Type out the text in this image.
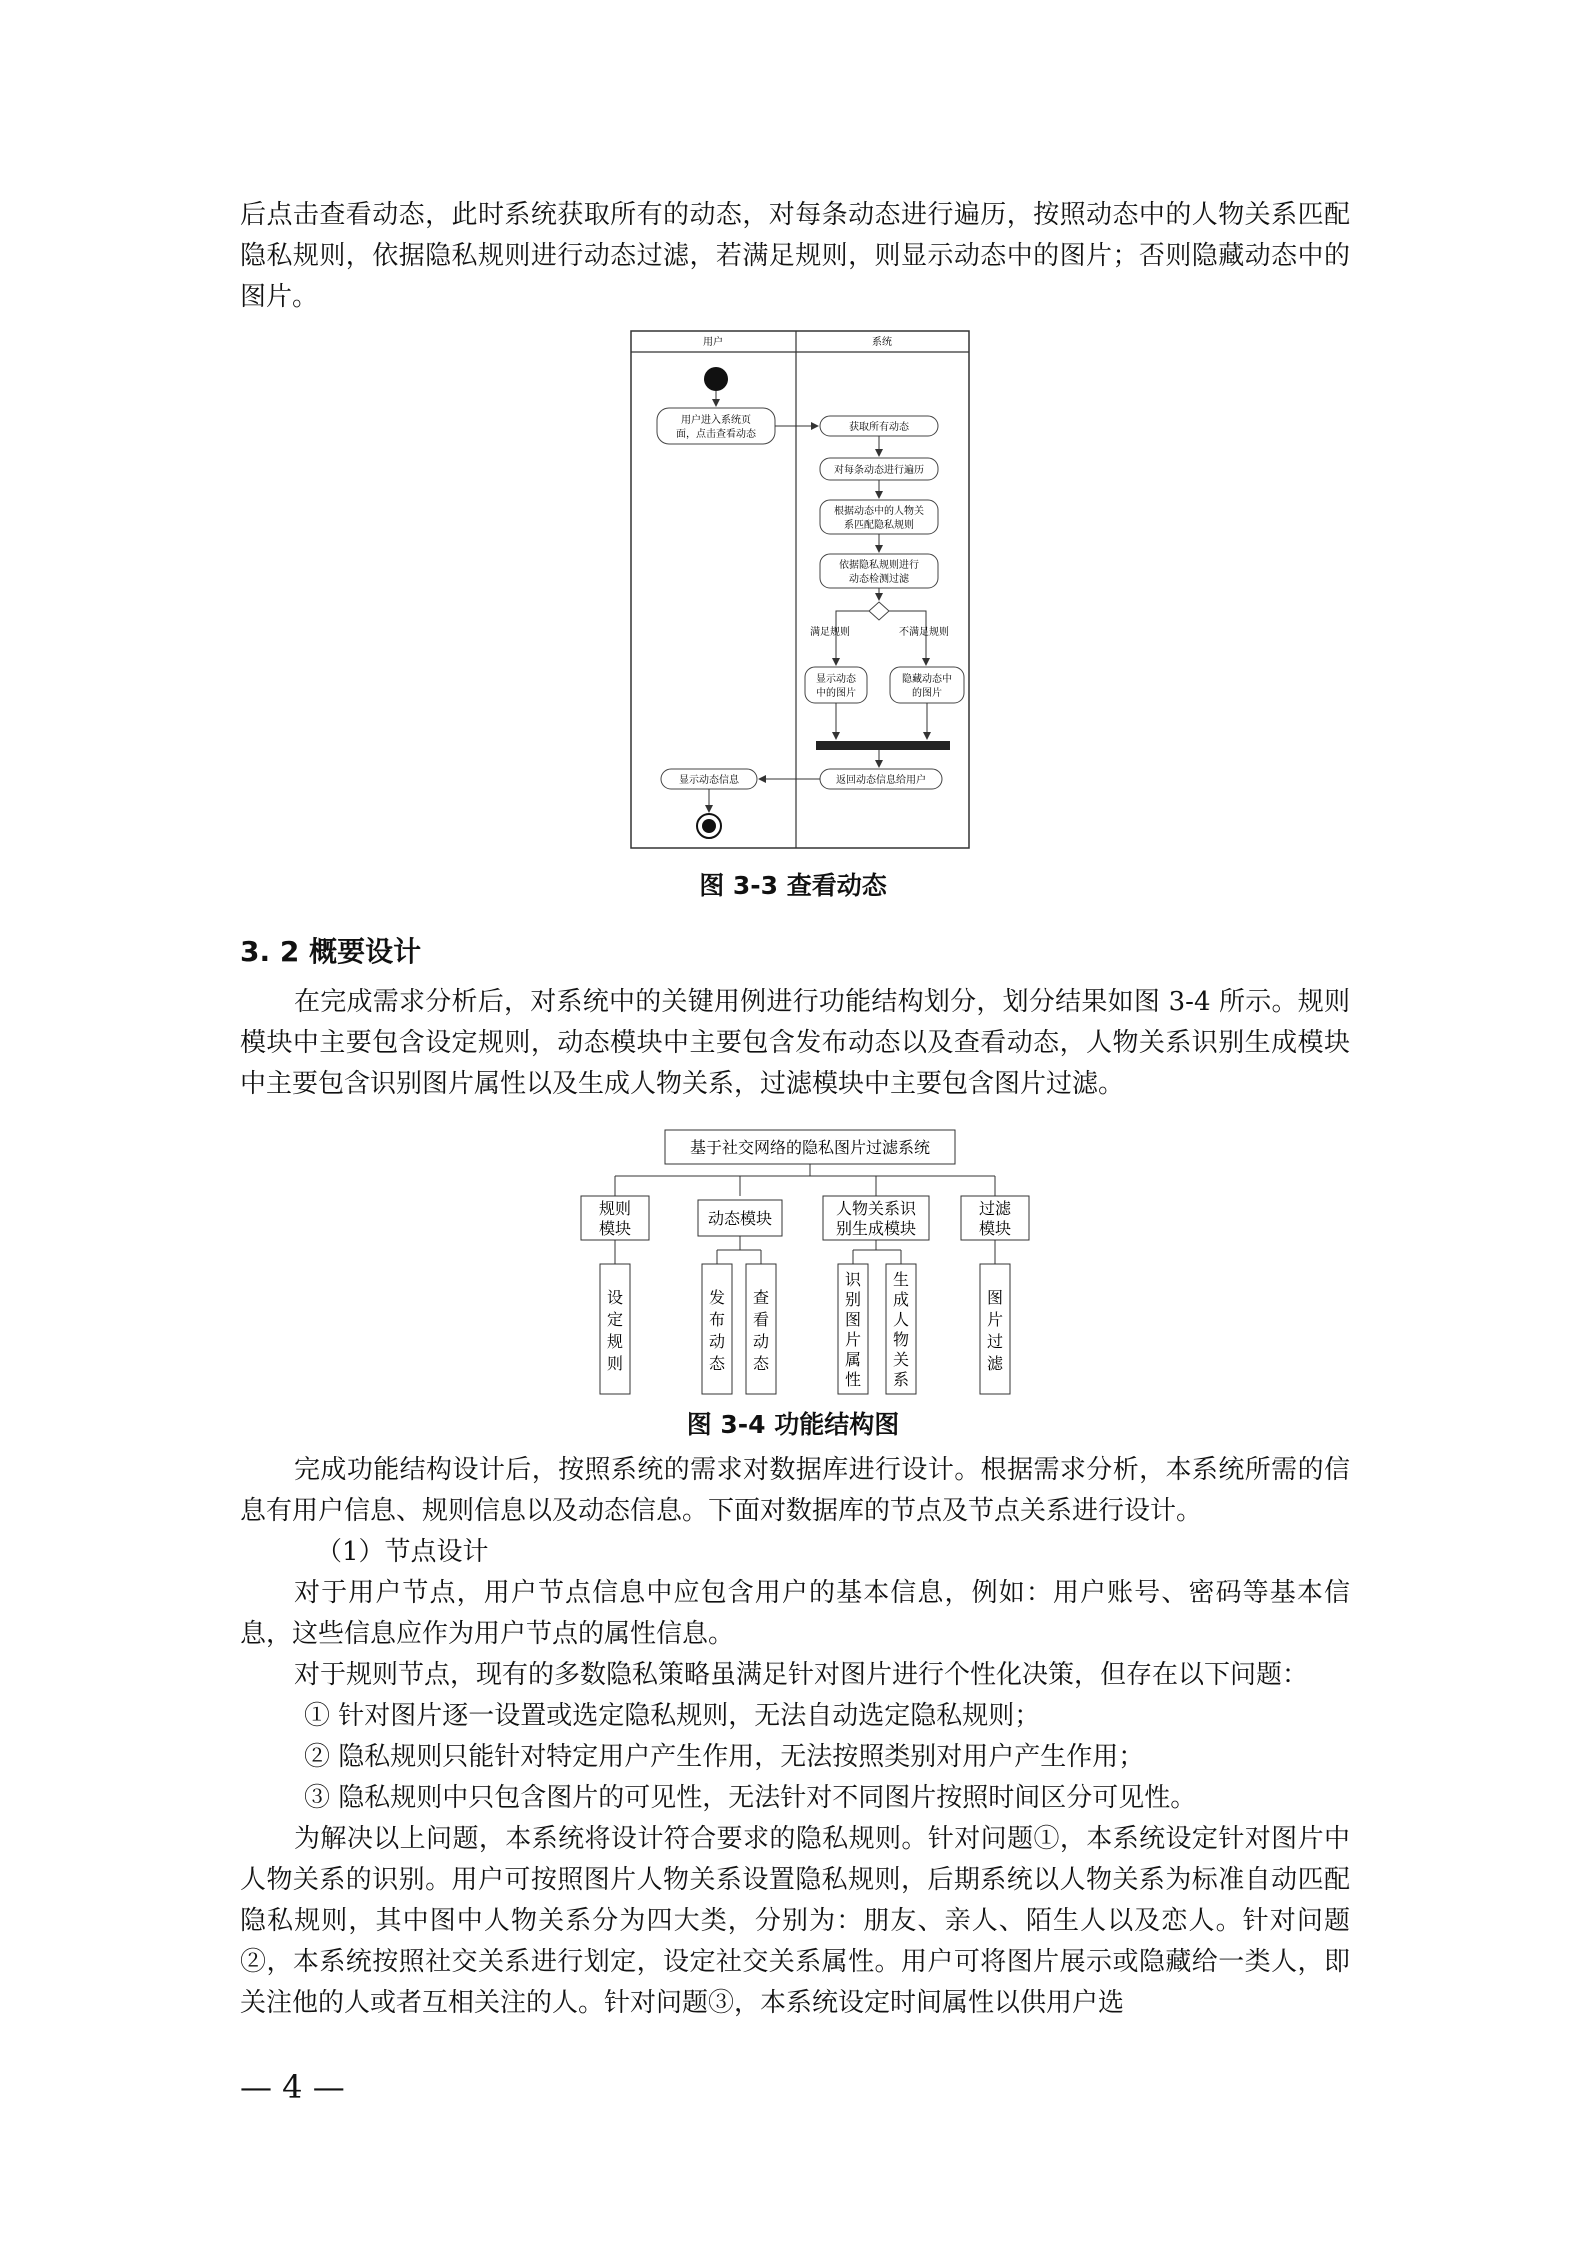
后点击查看动态，此时系统获取所有的动态，对每条动态进行遍历，按照动态中的人物关系匹配隐私规则，依据隐私规则进行动态过滤，若满足规则，则显示动态中的图片；否则隐藏动态中的图片。

用户	系统
用户进入系统页
面，点击查看动态
获取所有动态
对每条动态进行遍历
根据动态中的人物关
系匹配隐私规则
依据隐私规则进行
动态检测过滤
满足规则	不满足规则
显示动态
中的图片
隐藏动态中
的图片
返回动态信息给用户
显示动态信息
图 3-3 查看动态
3. 2 概要设计

在完成需求分析后，对系统中的关键用例进行功能结构划分，划分结果如图 3-4 所示。规则模块中主要包含设定规则，动态模块中主要包含发布动态以及查看动态，人物关系识别生成模块中主要包含识别图片属性以及生成人物关系，过滤模块中主要包含图片过滤。

基于社交网络的隐私图片过滤系统
规则
模块
动态模块
人物关系识
别生成模块
过滤
模块
设
定
规
则
发
布
动
态
查
看
动
态
识
别
图
片
属
性
生
成
人
物
关
系
图
片
过
滤
图 3-4 功能结构图

完成功能结构设计后，按照系统的需求对数据库进行设计。根据需求分析，本系统所需的信息有用户信息、规则信息以及动态信息。下面对数据库的节点及节点关系进行设计。

（1）节点设计

对于用户节点，用户节点信息中应包含用户的基本信息，例如：用户账号、密码等基本信息，这些信息应作为用户节点的属性信息。

对于规则节点，现有的多数隐私策略虽满足针对图片进行个性化决策，但存在以下问题：

① 针对图片逐一设置或选定隐私规则，无法自动选定隐私规则；
② 隐私规则只能针对特定用户产生作用，无法按照类别对用户产生作用；
③ 隐私规则中只包含图片的可见性，无法针对不同图片按照时间区分可见性。

为解决以上问题，本系统将设计符合要求的隐私规则。针对问题①，本系统设定针对图片中人物关系的识别。用户可按照图片人物关系设置隐私规则，后期系统以人物关系为标准自动匹配隐私规则，其中图中人物关系分为四大类，分别为：朋友、亲人、陌生人以及恋人。针对问题②，本系统按照社交关系进行划定，设定社交关系属性。用户可将图片展示或隐藏给一类人，即关注他的人或者互相关注的人。针对问题③，本系统设定时间属性以供用户选

— 4 —
